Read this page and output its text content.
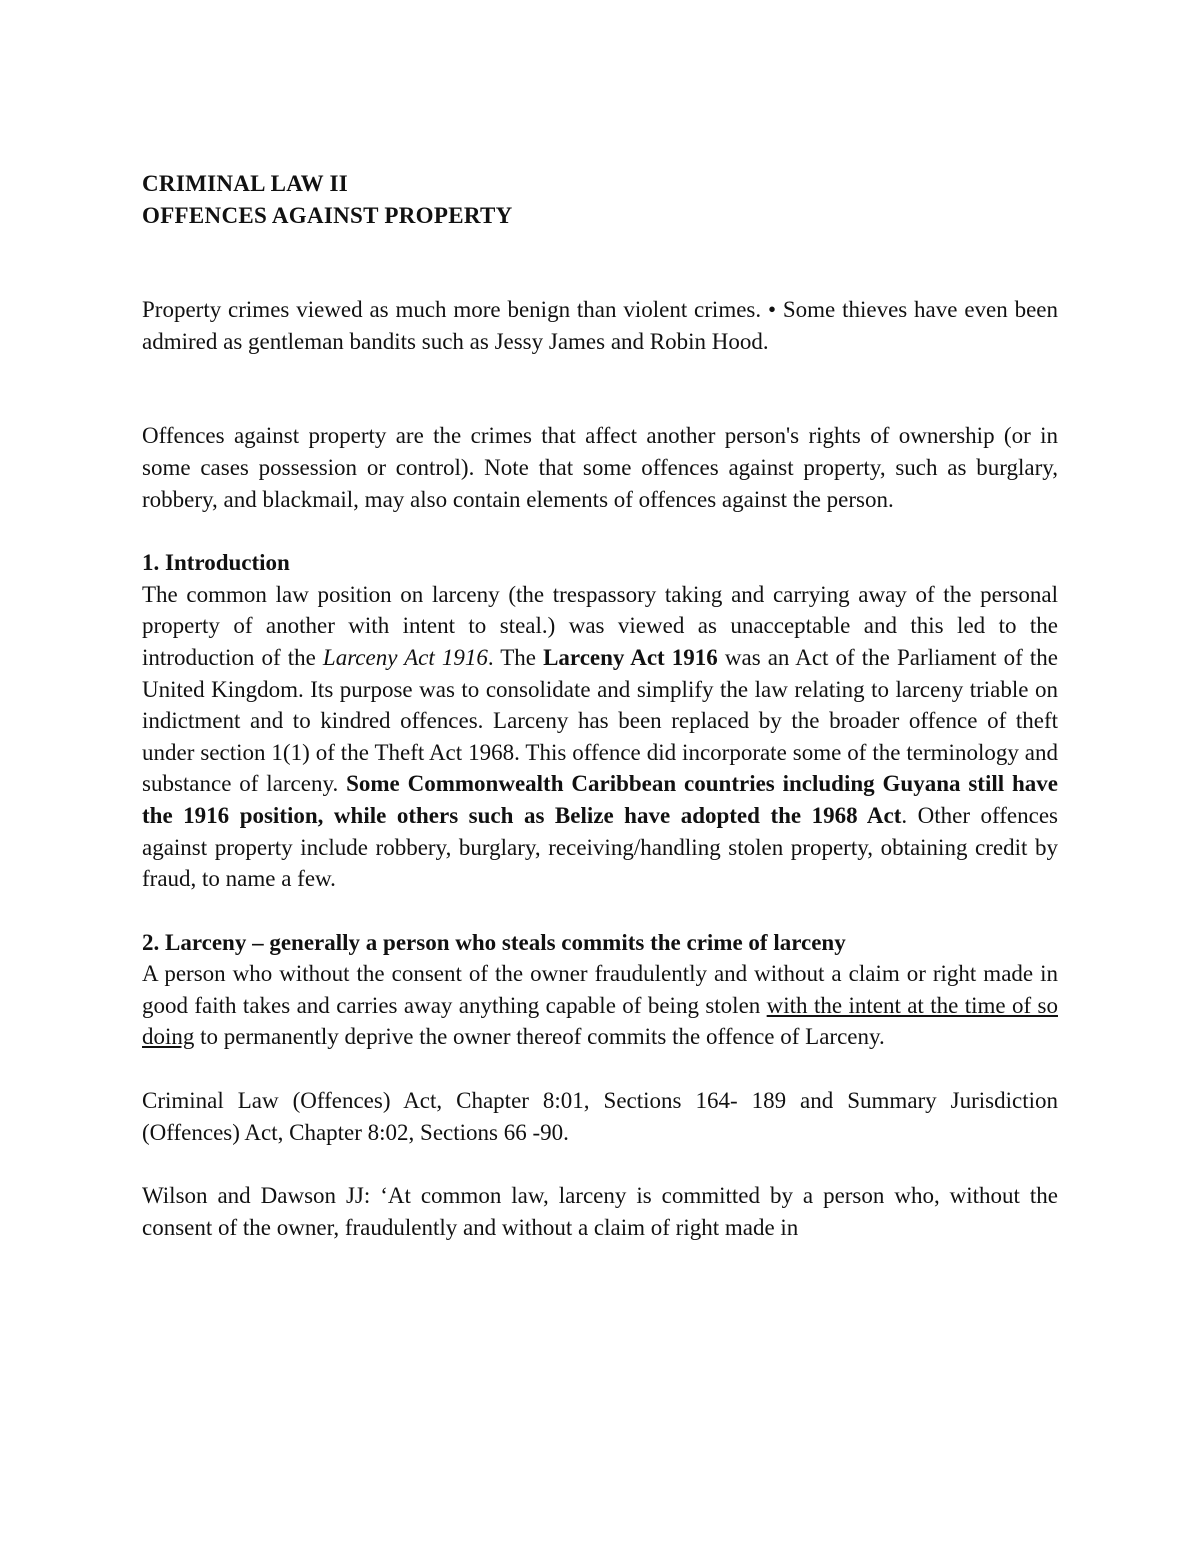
CRIMINAL LAW II
OFFENCES AGAINST PROPERTY

Property crimes viewed as much more benign than violent crimes. • Some thieves have even been admired as gentleman bandits such as Jessy James and Robin Hood.

Offences against property are the crimes that affect another person's rights of ownership (or in some cases possession or control). Note that some offences against property, such as burglary, robbery, and blackmail, may also contain elements of offences against the person.

1. Introduction

The common law position on larceny (the trespassory taking and carrying away of the personal property of another with intent to steal.) was viewed as unacceptable and this led to the introduction of the Larceny Act 1916. The Larceny Act 1916 was an Act of the Parliament of the United Kingdom. Its purpose was to consolidate and simplify the law relating to larceny triable on indictment and to kindred offences. Larceny has been replaced by the broader offence of theft under section 1(1) of the Theft Act 1968. This offence did incorporate some of the terminology and substance of larceny. Some Commonwealth Caribbean countries including Guyana still have the 1916 position, while others such as Belize have adopted the 1968 Act. Other offences against property include robbery, burglary, receiving/handling stolen property, obtaining credit by fraud, to name a few.

2. Larceny – generally a person who steals commits the crime of larceny

A person who without the consent of the owner fraudulently and without a claim or right made in good faith takes and carries away anything capable of being stolen with the intent at the time of so doing to permanently deprive the owner thereof commits the offence of Larceny.

Criminal Law (Offences) Act, Chapter 8:01, Sections 164- 189 and Summary Jurisdiction (Offences) Act, Chapter 8:02, Sections 66 -90.

Wilson and Dawson JJ: ‘At common law, larceny is committed by a person who, without the consent of the owner, fraudulently and without a claim of right made in
